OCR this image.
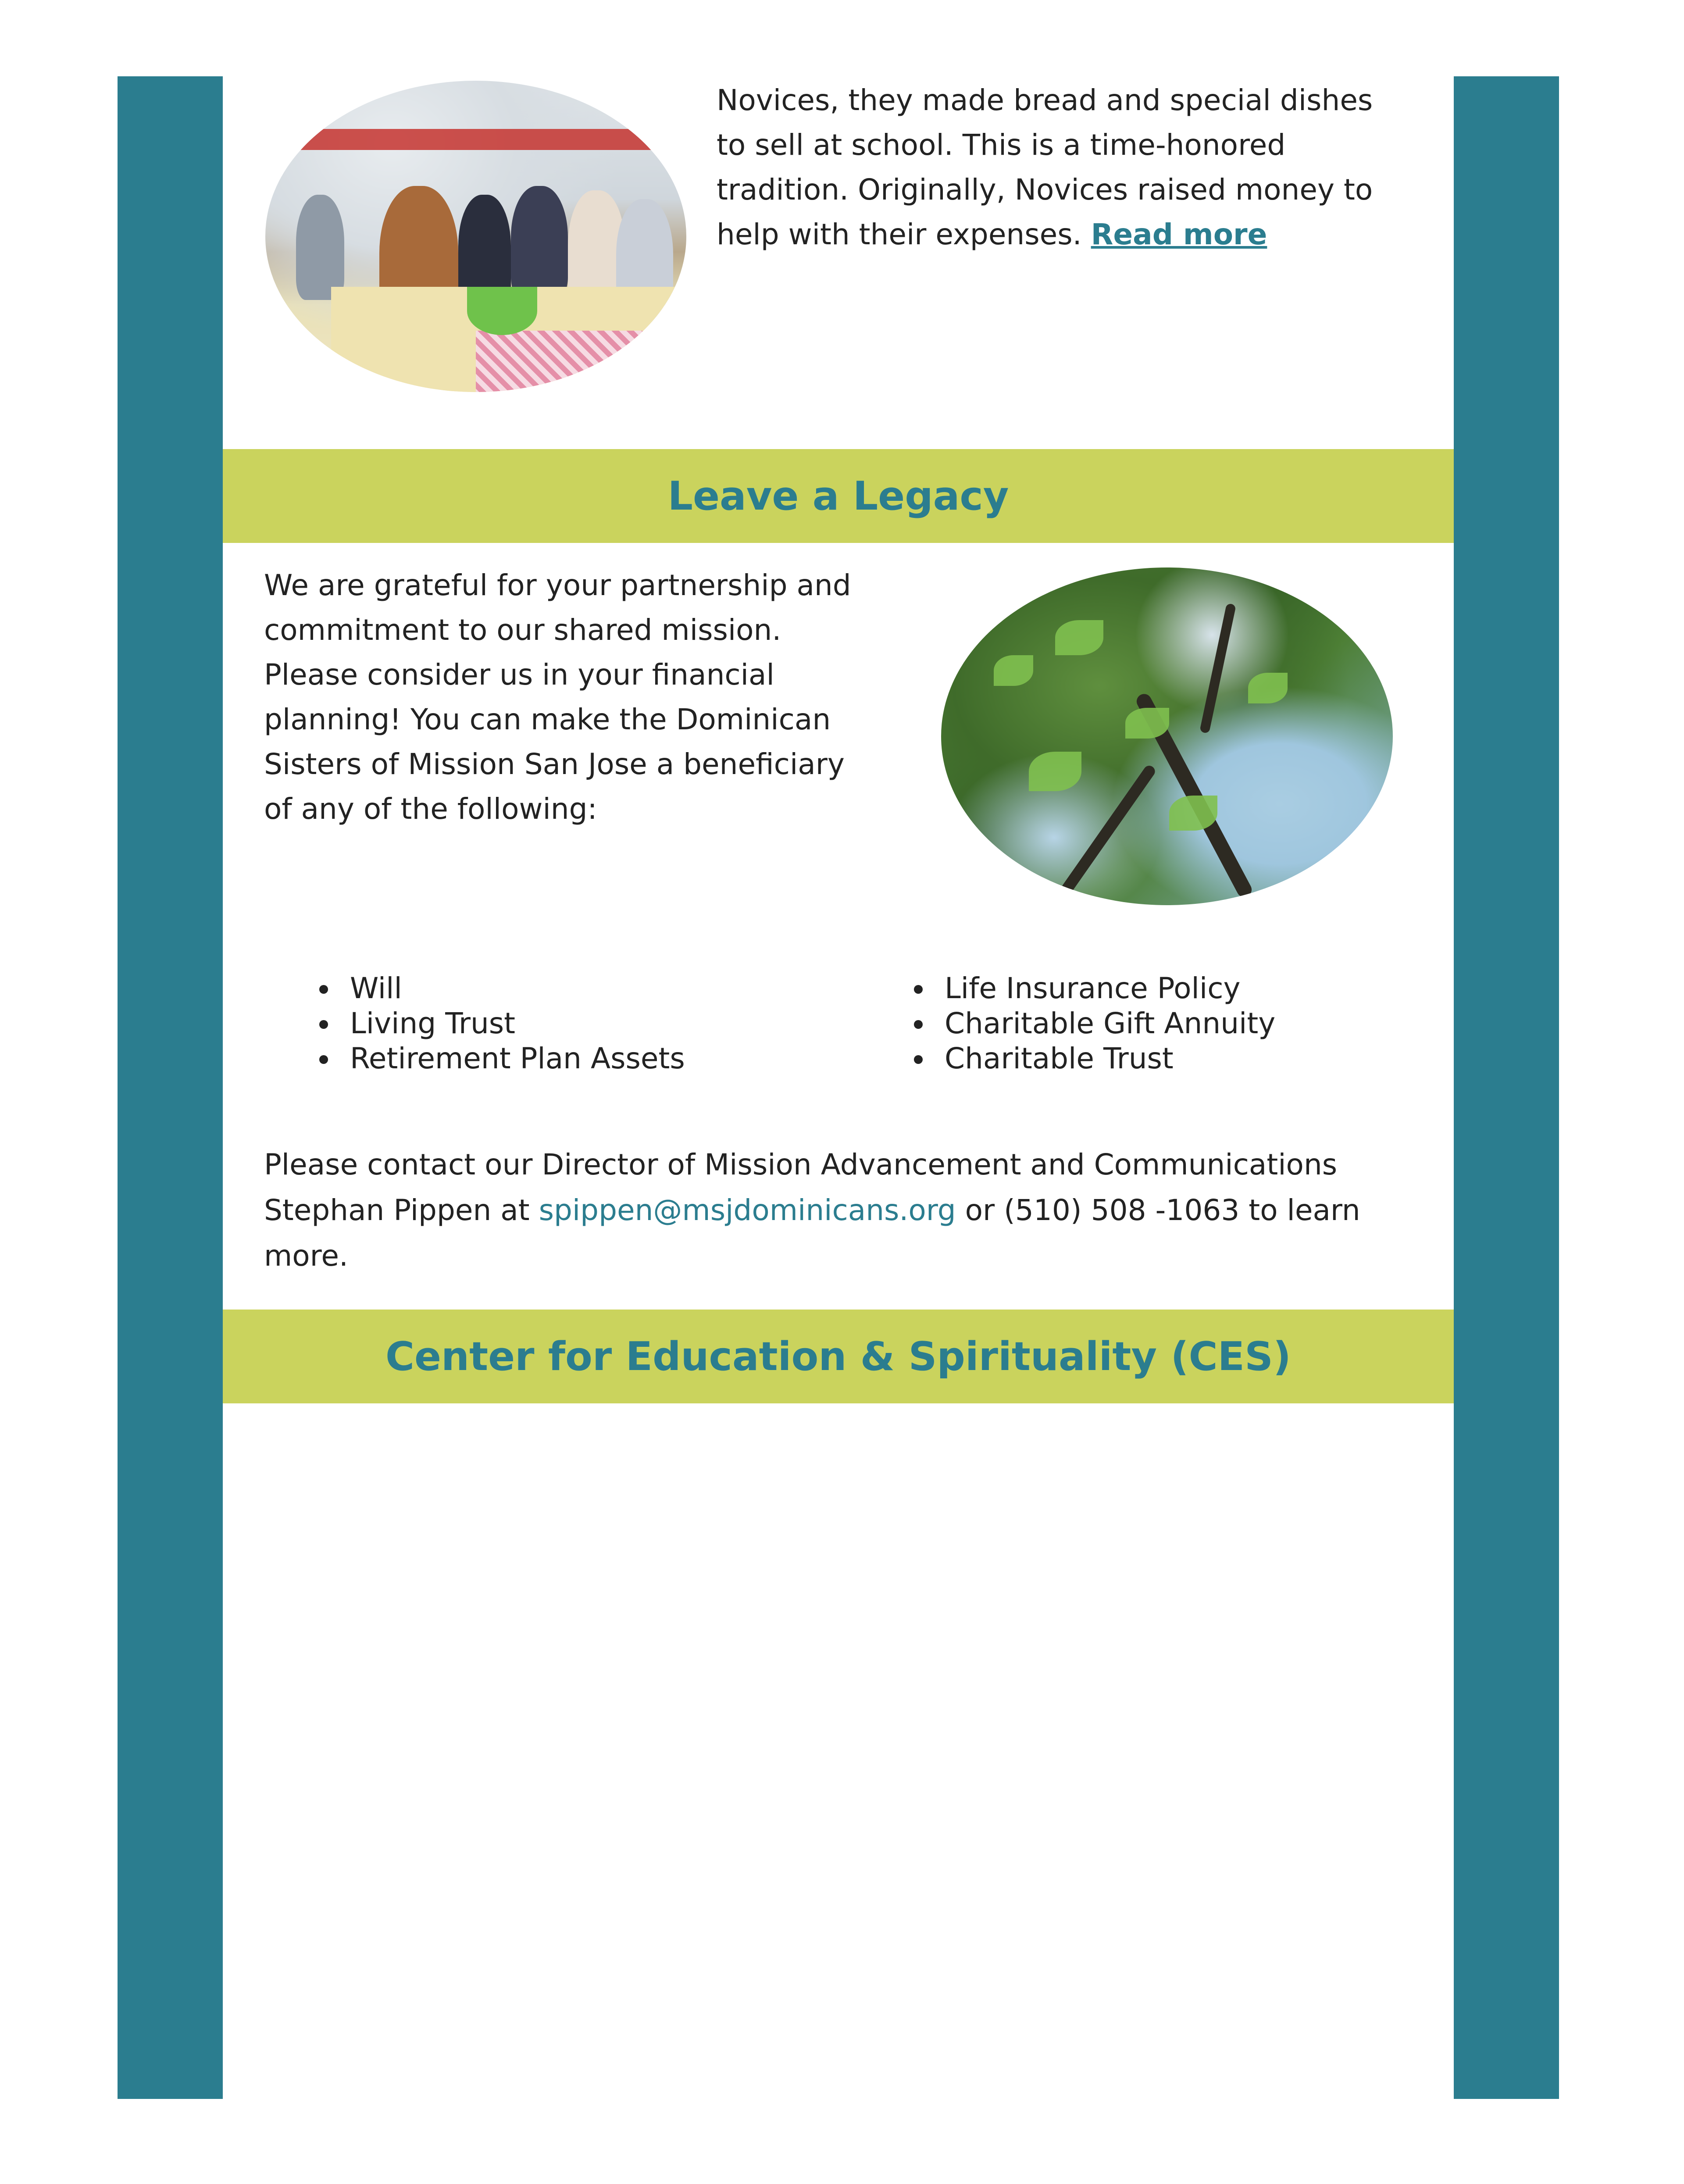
Novices, they made bread and special dishes to sell at school. This is a time-honored tradition. Originally, Novices raised money to help with their expenses. Read more

Leave a Legacy

We are grateful for your partnership and commitment to our shared mission. Please consider us in your financial planning! You can make the Dominican Sisters of Mission San Jose a beneficiary of any of the following:

Will
Living Trust
Retirement Plan Assets
Life Insurance Policy
Charitable Gift Annuity
Charitable Trust

Please contact our Director of Mission Advancement and Communications Stephan Pippen at spippen@msjdominicans.org or (510) 508 -1063 to learn more.

Center for Education & Spirituality (CES)
